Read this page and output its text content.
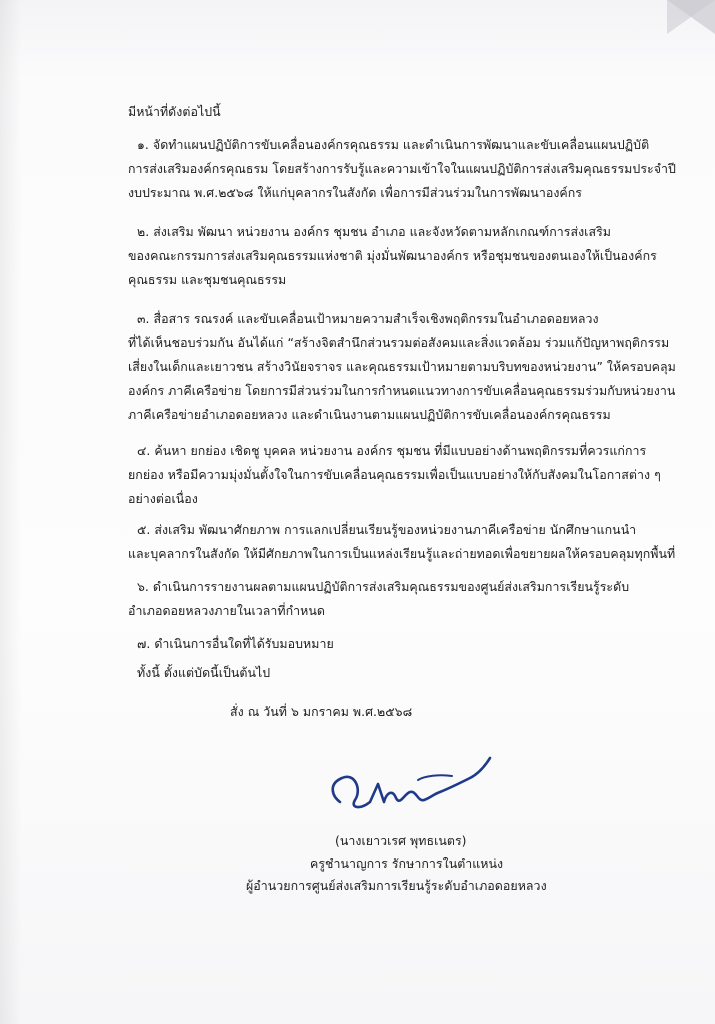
มีหน้าที่ดังต่อไปนี้
๑. จัดทำแผนปฏิบัติการขับเคลื่อนองค์กรคุณธรรม และดำเนินการพัฒนาและขับเคลื่อนแผนปฏิบัติ
การส่งเสริมองค์กรคุณธรม โดยสร้างการรับรู้และความเข้าใจในแผนปฏิบัติการส่งเสริมคุณธรรมประจำปี
งบประมาณ พ.ศ.๒๕๖๘ ให้แก่บุคลากรในสังกัด เพื่อการมีส่วนร่วมในการพัฒนาองค์กร
๒. ส่งเสริม พัฒนา หน่วยงาน องค์กร ชุมชน อำเภอ และจังหวัดตามหลักเกณฑ์การส่งเสริม
ของคณะกรรมการส่งเสริมคุณธรรมแห่งชาติ มุ่งมั่นพัฒนาองค์กร หรือชุมชนของตนเองให้เป็นองค์กร
คุณธรรม และชุมชนคุณธรรม
๓. สื่อสาร รณรงค์ และขับเคลื่อนเป้าหมายความสำเร็จเชิงพฤติกรรมในอำเภอดอยหลวง
ที่ได้เห็นชอบร่วมกัน อันได้แก่ “สร้างจิตสำนึกส่วนรวมต่อสังคมและสิ่งแวดล้อม ร่วมแก้ปัญหาพฤติกรรม
เสี่ยงในเด็กและเยาวชน สร้างวินัยจราจร และคุณธรรมเป้าหมายตามบริบทของหน่วยงาน” ให้ครอบคลุม
องค์กร ภาคีเครือข่าย โดยการมีส่วนร่วมในการกำหนดแนวทางการขับเคลื่อนคุณธรรมร่วมกับหน่วยงาน
ภาคีเครือข่ายอำเภอดอยหลวง และดำเนินงานตามแผนปฏิบัติการขับเคลื่อนองค์กรคุณธรรม
๔. ค้นหา ยกย่อง เชิดชู บุคคล หน่วยงาน องค์กร ชุมชน ที่มีแบบอย่างด้านพฤติกรรมที่ควรแก่การ
ยกย่อง หรือมีความมุ่งมั่นตั้งใจในการขับเคลื่อนคุณธรรมเพื่อเป็นแบบอย่างให้กับสังคมในโอกาสต่าง ๆ
อย่างต่อเนื่อง
๕. ส่งเสริม พัฒนาศักยภาพ การแลกเปลี่ยนเรียนรู้ของหน่วยงานภาคีเครือข่าย นักศึกษาแกนนำ
และบุคลากรในสังกัด ให้มีศักยภาพในการเป็นแหล่งเรียนรู้และถ่ายทอดเพื่อขยายผลให้ครอบคลุมทุกพื้นที่
๖. ดำเนินการรายงานผลตามแผนปฏิบัติการส่งเสริมคุณธรรมของศูนย์ส่งเสริมการเรียนรู้ระดับ
อำเภอดอยหลวงภายในเวลาที่กำหนด
๗. ดำเนินการอื่นใดที่ได้รับมอบหมาย
ทั้งนี้ ตั้งแต่บัดนี้เป็นต้นไป
สั่ง ณ วันที่ ๖ มกราคม พ.ศ.๒๕๖๘
(นางเยาวเรศ พุทธเนตร)
ครูชำนาญการ รักษาการในตำแหน่ง
ผู้อำนวยการศูนย์ส่งเสริมการเรียนรู้ระดับอำเภอดอยหลวง
